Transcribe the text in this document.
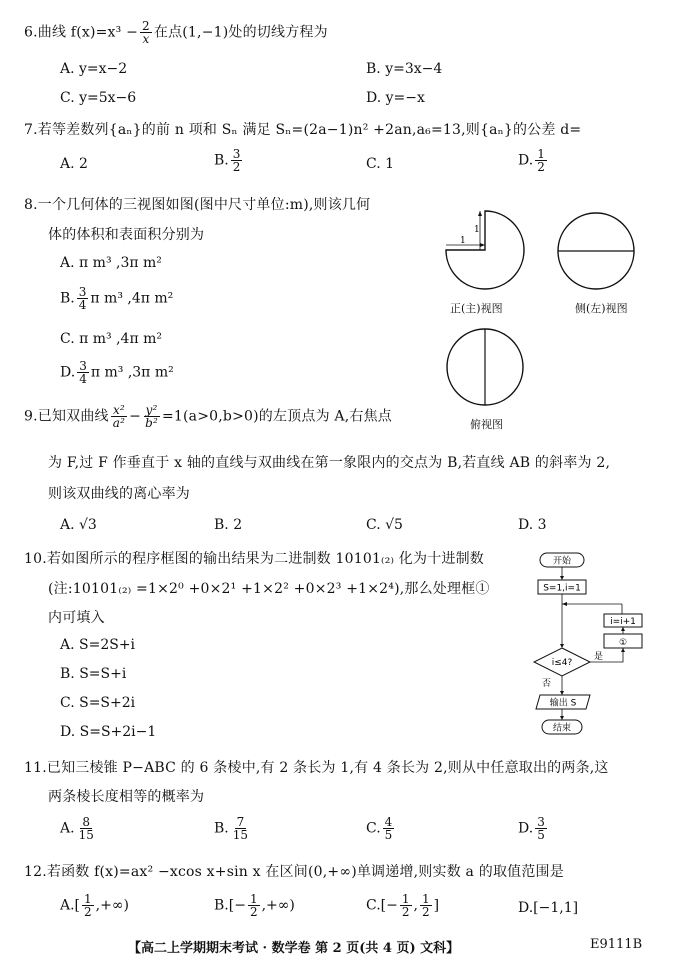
6.曲线 $f(x)=x^3 - \frac{2}{x}$ 在点(1,−1)处的切线方程为
A. y=x−2	B. y=3x−4
C. y=5x−6	D. y=−x
7.若等差数列{aₙ}的前 n 项和 Sₙ 满足 Sₙ=(2a−1)n² +2an,a₆=13,则{aₙ}的公差 d=
A. 2	B. $\frac{3}{2}$	C. 1	D. $\frac{1}{2}$
8.一个几何体的三视图如图(图中尺寸单位:m),则该几何
体的体积和表面积分别为
A. π m³ ,3π m²
B. $\frac{3}{4}$ π m³ ,4π m²
C. π m³ ,4π m²
D. $\frac{3}{4}$ π m³ ,3π m²
1
1
正(主)视图	侧(左)视图
俯视图
9.已知双曲线 $\frac{\text{x²}}{\text{a²}} - \frac{\text{y²}}{\text{b²}} =1(a>0,b>0)$的左顶点为 A,右焦点
为 F,过 F 作垂直于 x 轴的直线与双曲线在第一象限内的交点为 B,若直线 AB 的斜率为 2,
则该双曲线的离心率为
A. √3	B. 2	C. √5	D. 3
10.若如图所示的程序框图的输出结果为二进制数 10101₍₂₎ 化为十进制数
(注:10101₍₂₎ =1×2⁰ +0×2¹ +1×2² +0×2³ +1×2⁴),那么处理框①
内可填入
A. S=2S+i
B. S=S+i
C. S=S+2i
D. S=S+2i−1
开始
S=1,i=1
i=i+1
①
i≤4?
是
否
输出 S
结束
11.已知三棱锥 P−ABC 的 6 条棱中,有 2 条长为 1,有 4 条长为 2,则从中任意取出的两条,这
两条棱长度相等的概率为
A. $\frac{8}{15}$	B. $\frac{7}{15}$	C. $\frac{4}{5}$	D. $\frac{3}{5}$
12.若函数 f(x)=ax² −xcos x+sin x 在区间(0,+∞)单调递增,则实数 a 的取值范围是
$A.[ \frac{1}{2}$ ,+∞)	$B.[- \frac{1}{2}$ ,+∞)	$C.[- \frac{1}{2}$ , $\frac{1}{2}$ ]	D.[−1,1]
【高二上学期期末考试 · 数学卷 第 2 页(共 4 页) 文科】	E9111B
